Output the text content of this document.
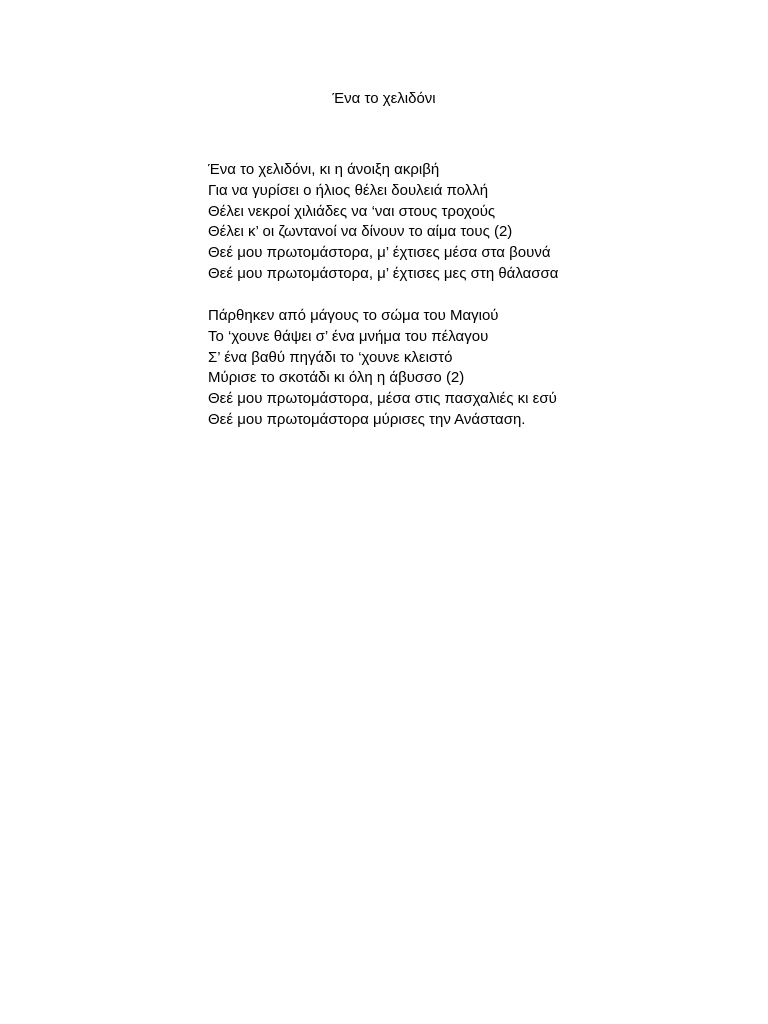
Ένα το χελιδόνι
Ένα το χελιδόνι, κι η άνοιξη ακριβή
Για να γυρίσει ο ήλιος θέλει δουλειά πολλή
Θέλει νεκροί χιλιάδες να ‘ναι στους τροχούς
Θέλει κ’ οι ζωντανοί να δίνουν το αίμα τους (2)
Θεέ μου πρωτομάστορα, μ’ έχτισες μέσα στα βουνά
Θεέ μου πρωτομάστορα, μ’ έχτισες μες στη θάλασσα
Πάρθηκεν από μάγους το σώμα του Μαγιού
Το ‘χουνε θάψει σ’ ένα μνήμα του πέλαγου
Σ’ ένα βαθύ πηγάδι το ‘χουνε κλειστό
Μύρισε το σκοτάδι κι όλη η άβυσσο (2)
Θεέ μου πρωτομάστορα, μέσα στις πασχαλιές κι εσύ
Θεέ μου πρωτομάστορα μύρισες την Ανάσταση.
